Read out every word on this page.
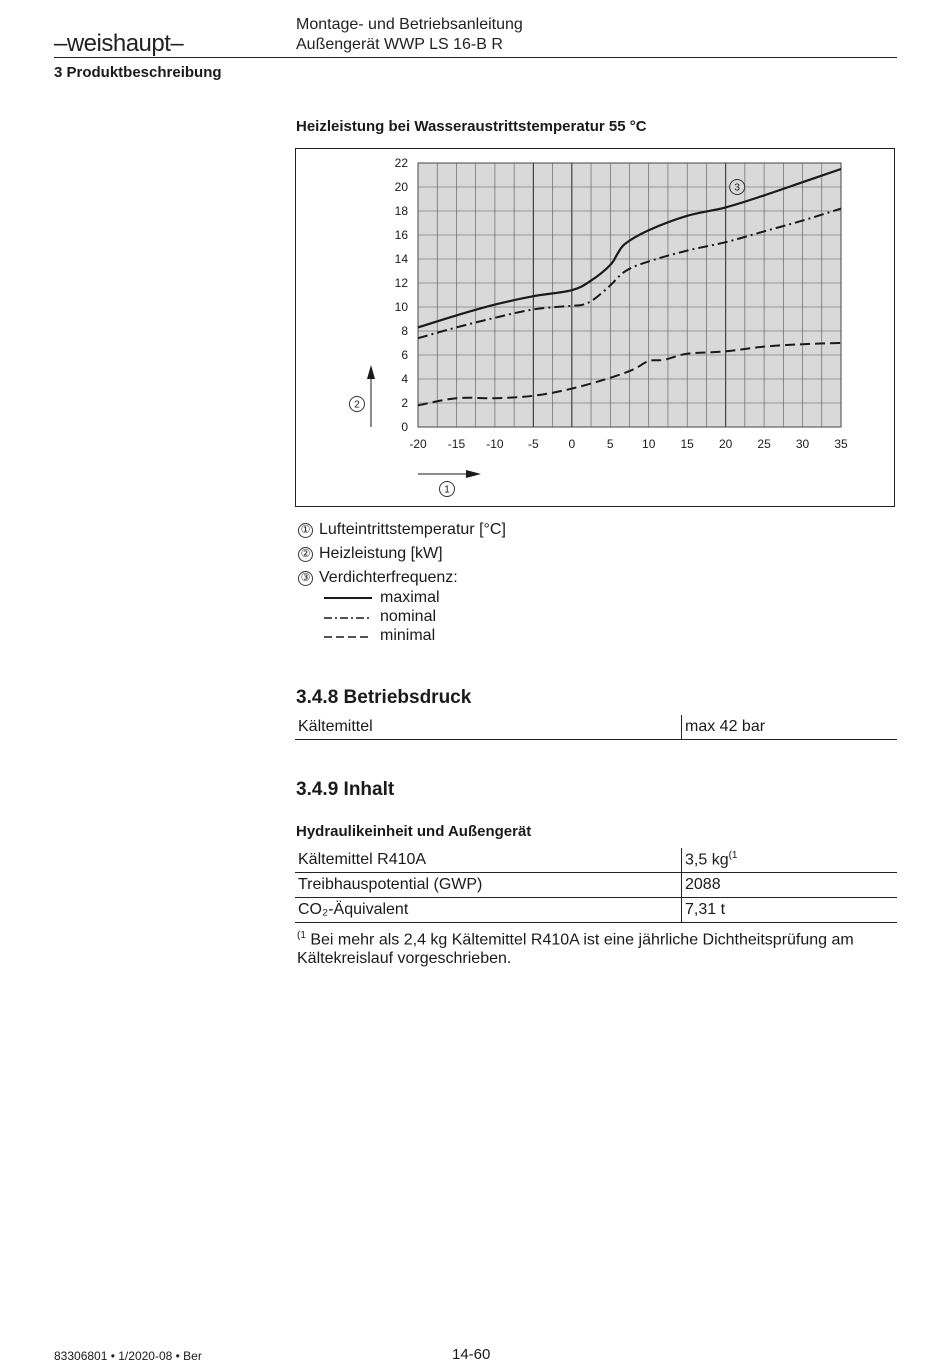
–weishaupt–
Montage- und Betriebsanleitung
Außengerät WWP LS 16-B R
3 Produktbeschreibung
Heizleistung bei Wasseraustrittstemperatur 55 °C
-20 -15 -10 -5 0	5 10 15 20 25 30 35
0
2
4
6
8
10
12
14
16
18
20
22
3
2
1
① Lufteintrittstemperatur [°C]
② Heizleistung [kW]
③ Verdichterfrequenz:
maximal
nominal
minimal
3.4.8 Betriebsdruck
Kältemittel	max 42 bar
3.4.9 Inhalt
Hydraulikeinheit und Außengerät
Kältemittel R410A	3,5 $kg^{(1}$
Treibhauspotential (GWP)	2088
CO₂-Äquivalent	7,31 t
$^{(1}$ Bei mehr als 2,4 kg Kältemittel R410A ist eine jährliche Dichtheitsprüfung am Kältekreislauf vorgeschrieben.
83306801 • 1/2020-08 • Ber	14-60
